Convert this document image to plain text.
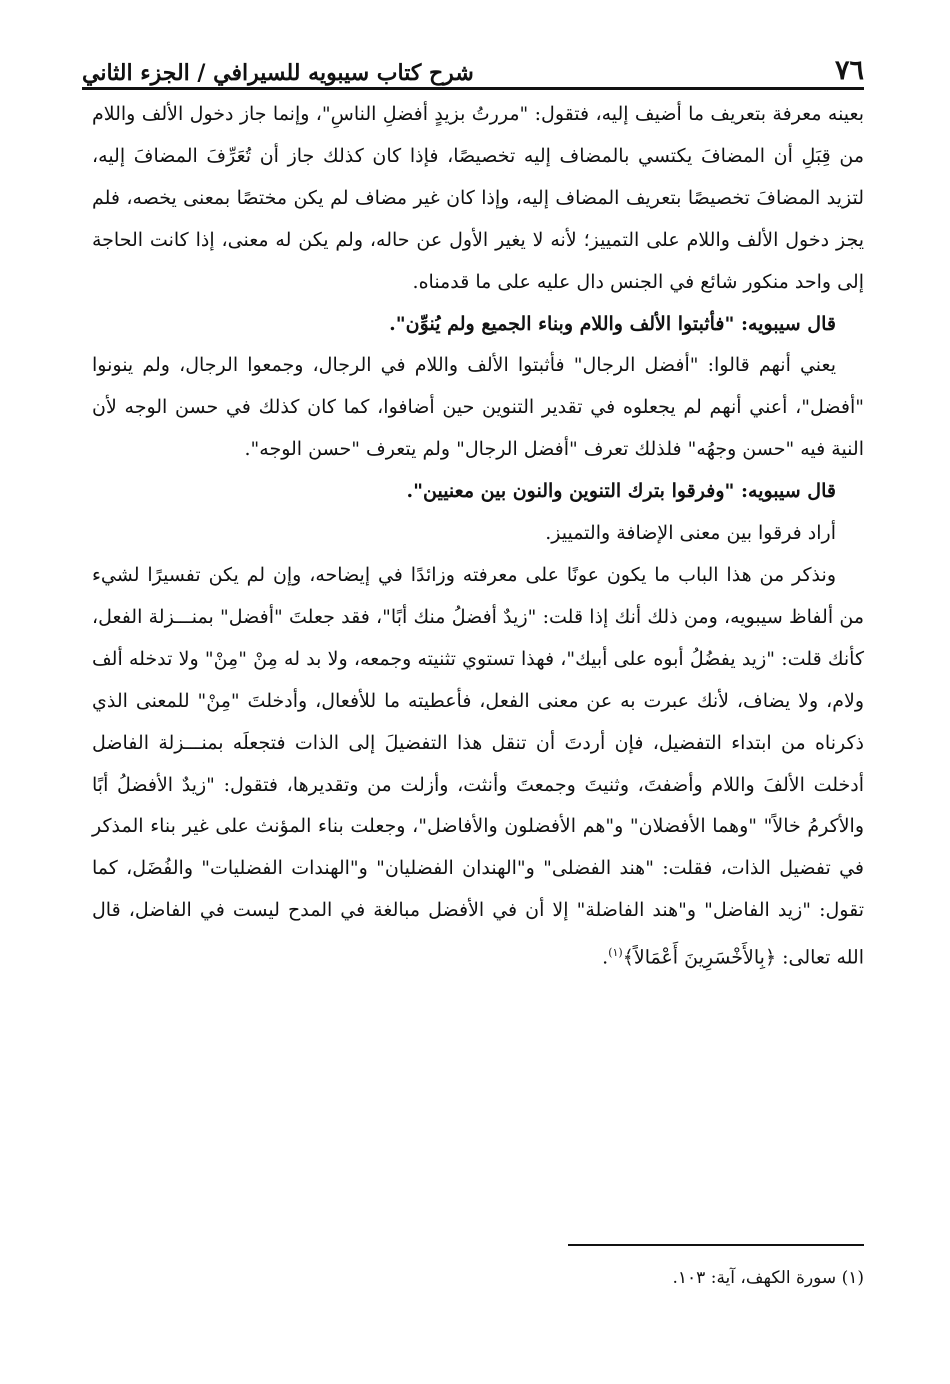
٧٦
شرح كتاب سيبويه للسيرافي / الجزء الثاني

بعينه معرفة بتعريف ما أضيف إليه، فتقول: "مررتُ بزيدٍ أفضلِ الناسِ"، وإنما جاز دخول الألف واللام من قِبَلِ أن المضافَ يكتسي بالمضاف إليه تخصيصًا، فإذا كان كذلك جاز أن تُعَرِّفَ المضافَ إليه، لتزيد المضافَ تخصيصًا بتعريف المضاف إليه، وإذا كان غير مضاف لم يكن مختصًا بمعنى يخصه، فلم يجز دخول الألف واللام على التمييز؛ لأنه لا يغير الأول عن حاله، ولم يكن له معنى، إذا كانت الحاجة إلى واحد منكور شائع في الجنس دال عليه على ما قدمناه.

قال سيبويه: "فأثبتوا الألف واللام وبناء الجميع ولم يُنوِّن".

يعني أنهم قالوا: "أفضل الرجال" فأثبتوا الألف واللام في الرجال، وجمعوا الرجال، ولم ينونوا "أفضل"، أعني أنهم لم يجعلوه في تقدير التنوين حين أضافوا، كما كان كذلك في حسن الوجه لأن النية فيه "حسن وجهُه" فلذلك تعرف "أفضل الرجال" ولم يتعرف "حسن الوجه".

قال سيبويه: "وفرقوا بترك التنوين والنون بين معنيين".

أراد فرقوا بين معنى الإضافة والتمييز.

ونذكر من هذا الباب ما يكون عونًا على معرفته وزائدًا في إيضاحه، وإن لم يكن تفسيرًا لشيء من ألفاظ سيبويه، ومن ذلك أنك إذا قلت: "زيدٌ أفضلُ منك أبًا"، فقد جعلتَ "أفضل" بمنـــزلة الفعل، كأنك قلت: "زيد يفضُلُ أبوه على أبيك"، فهذا تستوي تثنيته وجمعه، ولا بد له مِنْ "مِنْ" ولا تدخله ألف ولام، ولا يضاف، لأنك عبرت به عن معنى الفعل، فأعطيته ما للأفعال، وأدخلتَ "مِنْ" للمعنى الذي ذكرناه من ابتداء التفضيل، فإن أردتَ أن تنقل هذا التفضيلَ إلى الذات فتجعلَه بمنـــزلة الفاضل أدخلت الألفَ واللام وأضفتَ، وثنيتَ وجمعتَ وأنثت، وأزلت من وتقديرها، فتقول: "زيدٌ الأفضلُ أبًا والأكرمُ خالاً" "وهما الأفضلان" و"هم الأفضلون والأفاضل"، وجعلت بناء المؤنث على غير بناء المذكر في تفضيل الذات، فقلت: "هند الفضلى" و"الهندان الفضليان" و"الهندات الفضليات" والفُضَل، كما تقول: "زيد الفاضل" و"هند الفاضلة" إلا أن في الأفضل مبالغة في المدح ليست في الفاضل، قال الله تعالى: ﴿بِالأَخْسَرِينَ أَعْمَالاً﴾$^{(١)}$.

(١) سورة الكهف، آية: ١٠٣.
